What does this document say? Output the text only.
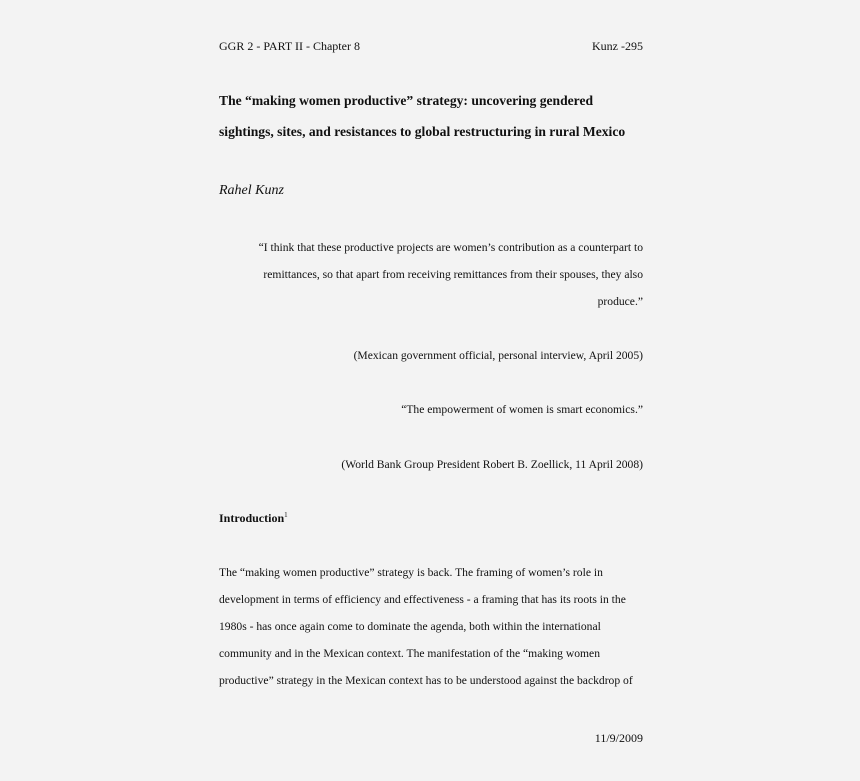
GGR 2 - PART II - Chapter 8	Kunz -295
The “making women productive” strategy: uncovering gendered
sightings, sites, and resistances to global restructuring in rural Mexico
Rahel Kunz
“I think that these productive projects are women’s contribution as a counterpart to
remittances, so that apart from receiving remittances from their spouses, they also
produce.”
(Mexican government official, personal interview, April 2005)
“The empowerment of women is smart economics.”
(World Bank Group President Robert B. Zoellick, 11 April 2008)
Introduction$^1$
The “making women productive” strategy is back. The framing of women’s role in
development in terms of efficiency and effectiveness - a framing that has its roots in the
1980s - has once again come to dominate the agenda, both within the international
community and in the Mexican context. The manifestation of the “making women
productive” strategy in the Mexican context has to be understood against the backdrop of
11/9/2009
